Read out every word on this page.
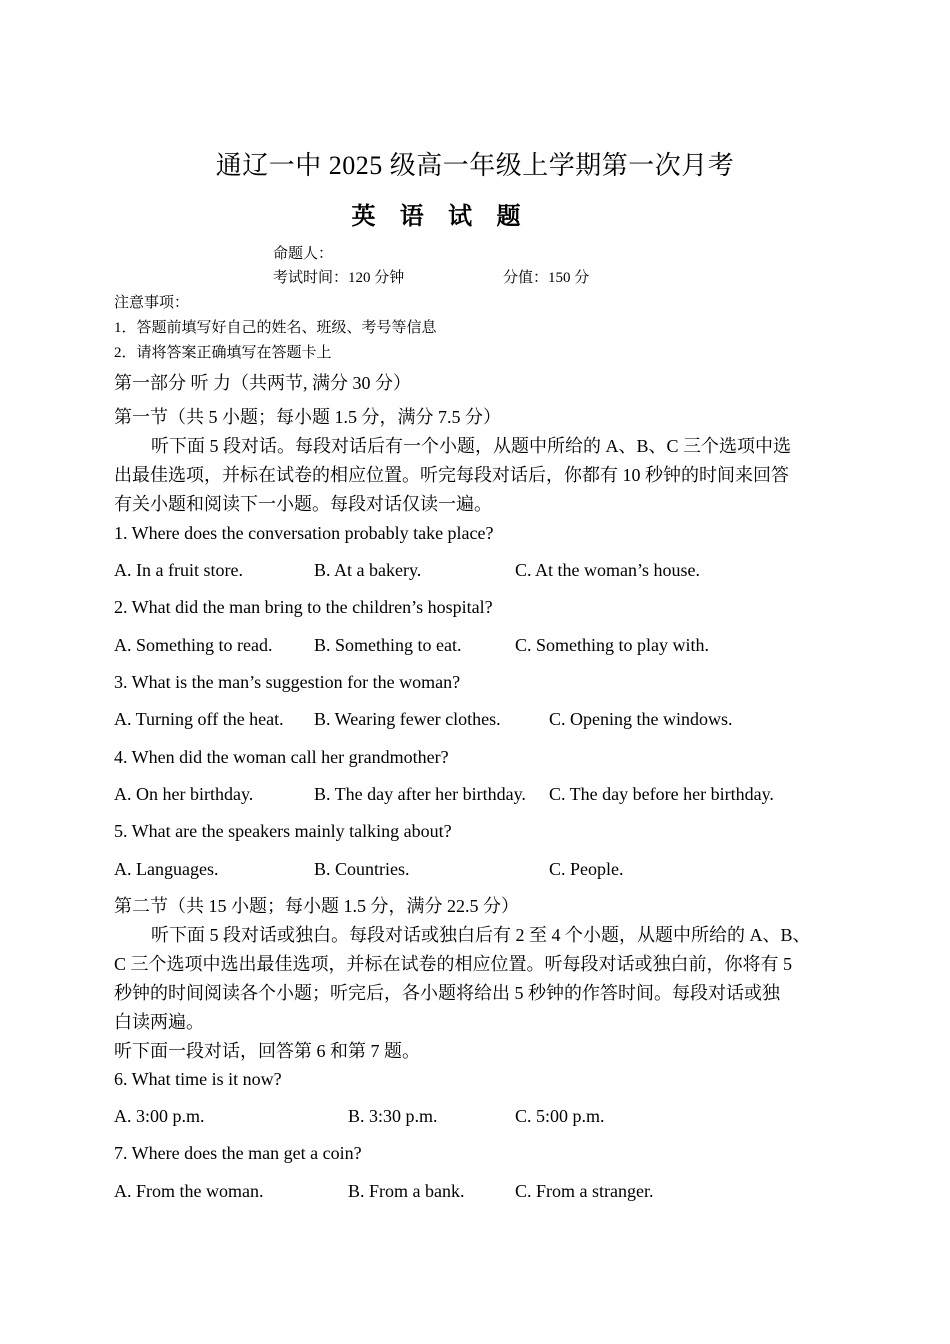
通辽一中 2025 级高一年级上学期第一次月考
英 语 试 题
命题人：
考试时间：120 分钟	分值：150 分
注意事项：
1．答题前填写好自己的姓名、班级、考号等信息
2．请将答案正确填写在答题卡上
第一部分 听 力（共两节, 满分 30 分）
第一节（共 5 小题；每小题 1.5 分，满分 7.5 分）
听下面 5 段对话。每段对话后有一个小题，从题中所给的 A、B、C 三个选项中选
出最佳选项，并标在试卷的相应位置。听完每段对话后，你都有 10 秒钟的时间来回答
有关小题和阅读下一小题。每段对话仅读一遍。
1. Where does the conversation probably take place?
A. In a fruit store.	B. At a bakery.	C. At the woman’s house.
2. What did the man bring to the children’s hospital?
A. Something to read. B. Something to eat.	C. Something to play with.
3. What is the man’s suggestion for the woman?
A. Turning off the heat. B. Wearing fewer clothes.	C. Opening the windows.
4. When did the woman call her grandmother?
A. On her birthday.	B. The day after her birthday. C. The day before her birthday.
5. What are the speakers mainly talking about?
A. Languages.	B. Countries.	C. People.
第二节（共 15 小题；每小题 1.5 分，满分 22.5 分）
听下面 5 段对话或独白。每段对话或独白后有 2 至 4 个小题，从题中所给的 A、B、
C 三个选项中选出最佳选项，并标在试卷的相应位置。听每段对话或独白前，你将有 5
秒钟的时间阅读各个小题；听完后，各小题将给出 5 秒钟的作答时间。每段对话或独
白读两遍。
听下面一段对话，回答第 6 和第 7 题。
6. What time is it now?
A. 3:00 p.m.	B. 3:30 p.m.	C. 5:00 p.m.
7. Where does the man get a coin?
A. From the woman.	B. From a bank.	C. From a stranger.
